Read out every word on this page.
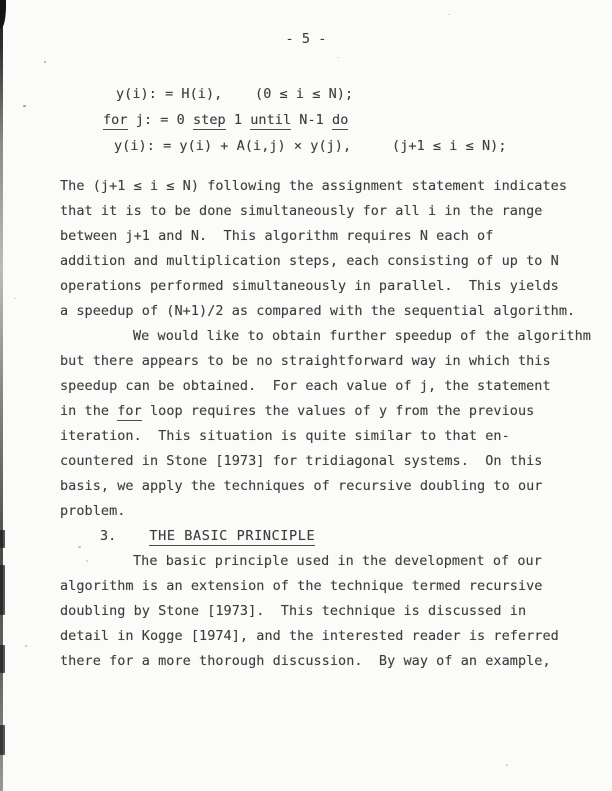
- 5 -
y(i): = H(i),    (0 ≤ i ≤ N);
for j: = 0 step 1 until N-1 do
y(i): = y(i) + A(i,j) × y(j),     (j+1 ≤ i ≤ N);
The (j+1 ≤ i ≤ N) following the assignment statement indicates
that it is to be done simultaneously for all i in the range
between j+1 and N.  This algorithm requires N each of
addition and multiplication steps, each consisting of up to N
operations performed simultaneously in parallel.  This yields
a speedup of (N+1)/2 as compared with the sequential algorithm.
We would like to obtain further speedup of the algorithm
but there appears to be no straightforward way in which this
speedup can be obtained.  For each value of j, the statement
in the for loop requires the values of y from the previous
iteration.  This situation is quite similar to that en-
countered in Stone [1973] for tridiagonal systems.  On this
basis, we apply the techniques of recursive doubling to our
problem.
3. THE BASIC PRINCIPLE
The basic principle used in the development of our
algorithm is an extension of the technique termed recursive
doubling by Stone [1973].  This technique is discussed in
detail in Kogge [1974], and the interested reader is referred
there for a more thorough discussion.  By way of an example,
